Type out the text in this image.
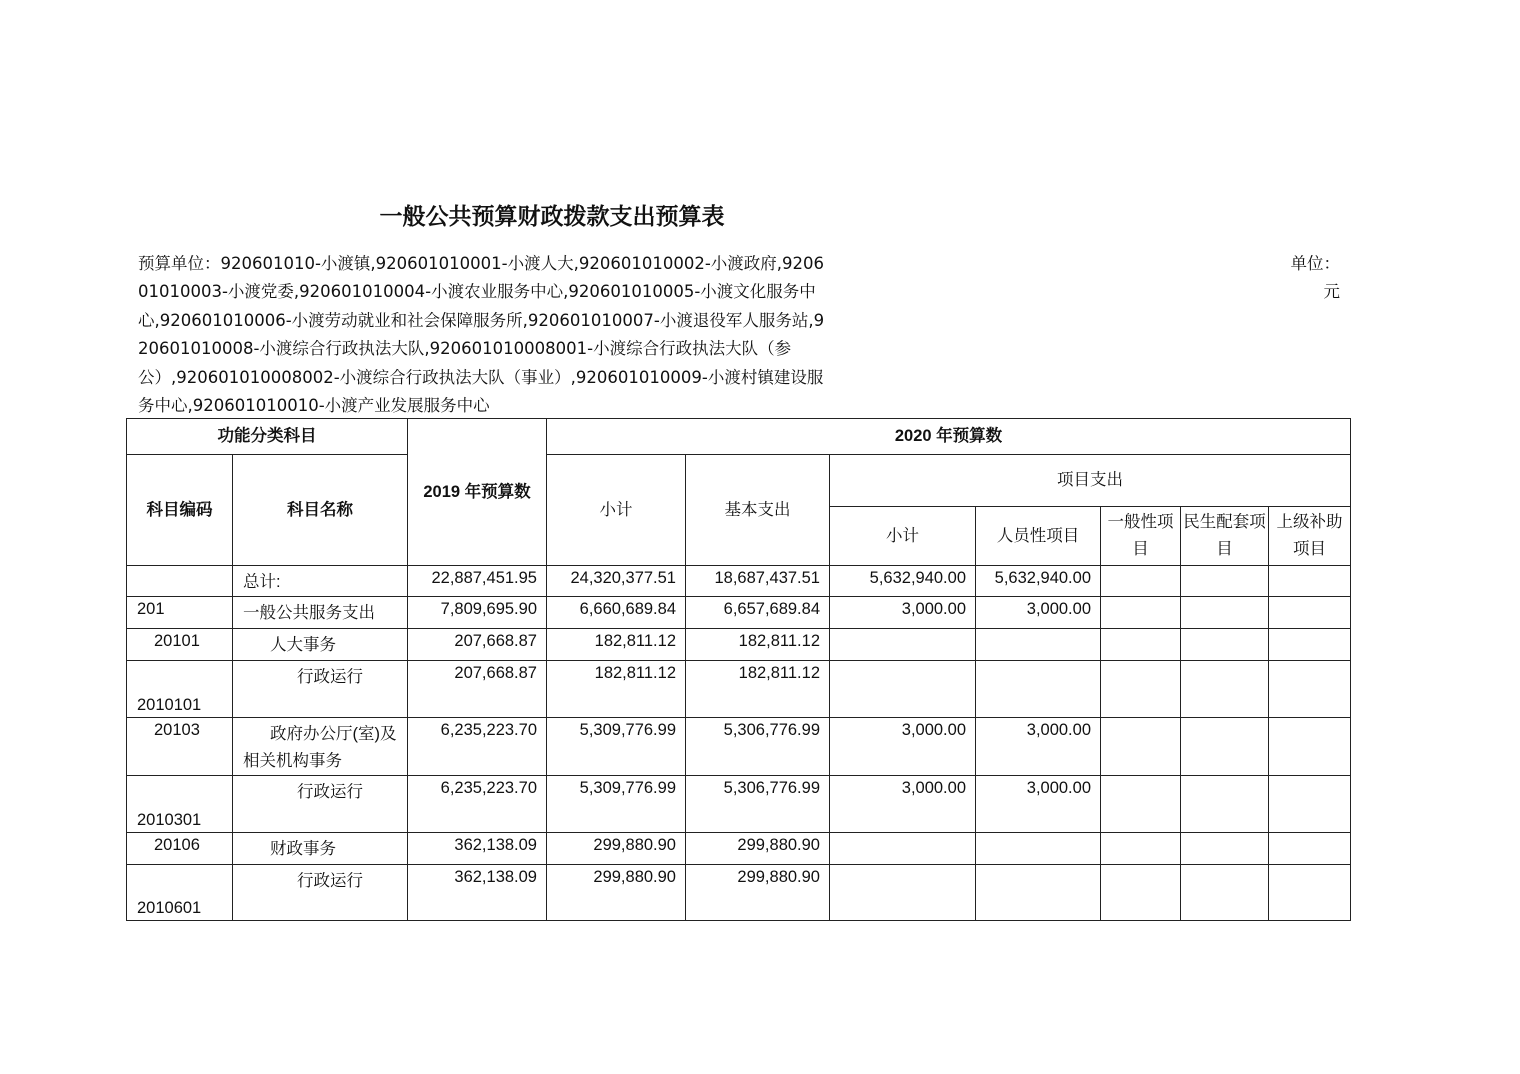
一般公共预算财政拨款支出预算表
预算单位：920601010-小渡镇,920601010001-小渡人大,920601010002-小渡政府,920601010003-小渡党委,920601010004-小渡农业服务中心,920601010005-小渡文化服务中心,920601010006-小渡劳动就业和社会保障服务所,920601010007-小渡退役军人服务站,920601010008-小渡综合行政执法大队,920601010008001-小渡综合行政执法大队（参公）,920601010008002-小渡综合行政执法大队（事业）,920601010009-小渡村镇建设服务中心,920601010010-小渡产业发展服务中心
单位：元
功能分类科目		2019 年预算数	2020 年预算数						
科目编码	科目名称		小计	基本支出	项目支出				
					小计	人员性项目	一般性项目	民生配套项目	上级补助项目
	总计:	22,887,451.95	24,320,377.51	18,687,437.51	5,632,940.00	5,632,940.00			
201	一般公共服务支出	7,809,695.90	6,660,689.84	6,657,689.84	3,000.00	3,000.00			
20101	人大事务	207,668.87	182,811.12	182,811.12					
2010101	行政运行	207,668.87	182,811.12	182,811.12					
20103	政府办公厅(室)及相关机构事务	6,235,223.70	5,309,776.99	5,306,776.99	3,000.00	3,000.00			
2010301	行政运行	6,235,223.70	5,309,776.99	5,306,776.99	3,000.00	3,000.00			
20106	财政事务	362,138.09	299,880.90	299,880.90					
2010601	行政运行	362,138.09	299,880.90	299,880.90					
